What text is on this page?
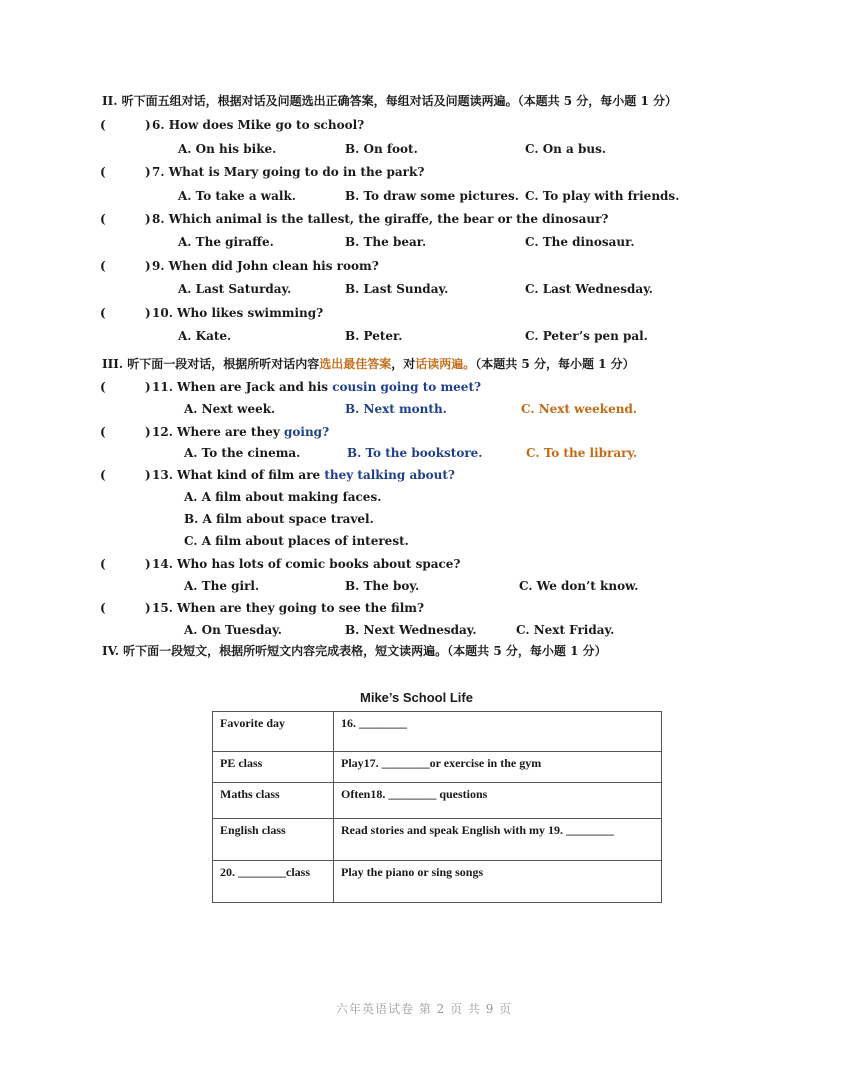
II. 听下面五组对话，根据对话及问题选出正确答案，每组对话及问题读两遍。（本题共 5 分，每小题 1 分）
(	) 6. How does Mike go to school?
A. On his bike.	B. On foot.	C. On a bus.
(	) 7. What is Mary going to do in the park?
A. To take a walk.	B. To draw some pictures. C. To play with friends.
(	) 8. Which animal is the tallest, the giraffe, the bear or the dinosaur?
A. The giraffe.	B. The bear.	C. The dinosaur.
(	) 9. When did John clean his room?
A. Last Saturday.	B. Last Sunday.	C. Last Wednesday.
(	) 10. Who likes swimming?
A. Kate.	B. Peter.	C. Peter’s pen pal.
III. 听下面一段对话，根据所听对话内容选出最佳答案，对话读两遍。（本题共 5 分，每小题 1 分）
(	) 11. When are Jack and his cousin going to meet?
A. Next week.	B. Next month.	C. Next weekend.
(	) 12. Where are they going?
A. To the cinema.	B. To the bookstore.	C. To the library.
(	) 13. What kind of film are they talking about?
A. A film about making faces.
B. A film about space travel.
C. A film about places of interest.
(	) 14. Who has lots of comic books about space?
A. The girl.	B. The boy.	C. We don’t know.
(	) 15. When are they going to see the film?
A. On Tuesday.	B. Next Wednesday.	C. Next Friday.
IV. 听下面一段短文，根据所听短文内容完成表格，短文读两遍。（本题共 5 分，每小题 1 分）
Mike’s School Life
Favorite day	16. ________
PE class	Play17. ________or exercise in the gym
Maths class	Often18. ________ questions
English class	Read stories and speak English with my 19. ________
20. ________class	Play the piano or sing songs
六年英语试卷 第 2 页 共 9 页
